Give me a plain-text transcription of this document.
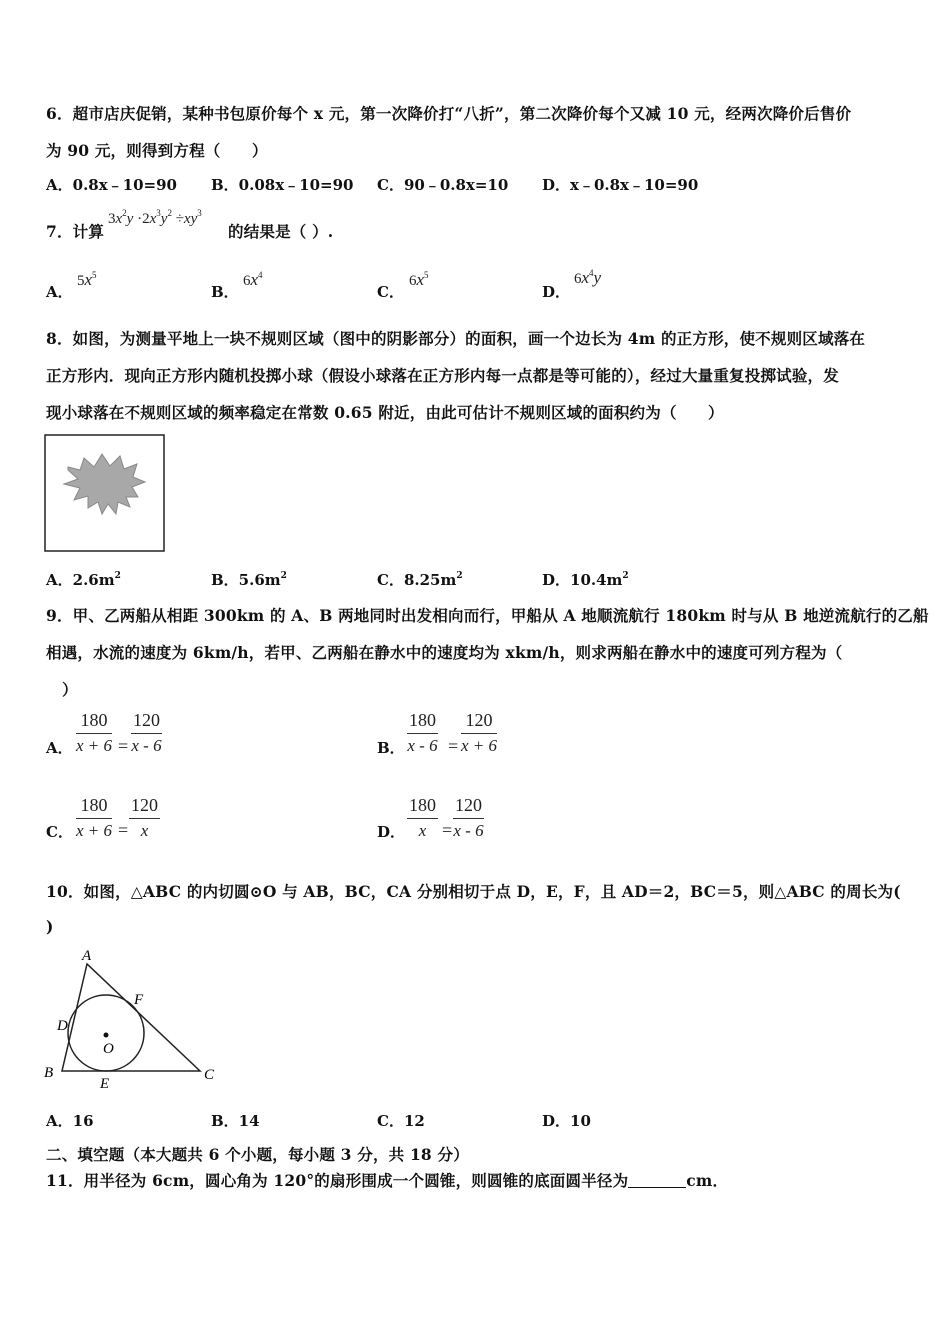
6．超市店庆促销，某种书包原价每个 x 元，第一次降价打“八折”，第二次降价每个又减 10 元，经两次降价后售价
为 90 元，则得到方程（　　）
A．0.8x﹣10=90 B．0.08x﹣10=90 C．90﹣0.8x=10 D．x﹣0.8x﹣10=90
7．计算
$3x^2y \cdot 2x^3y^2 \div xy^3$
的结果是（ ）.
A．
$5x^5$
B．
$6x^4$
C．
$6x^5$
D．
$6x^4y$
8．如图，为测量平地上一块不规则区域（图中的阴影部分）的面积，画一个边长为 4m 的正方形，使不规则区域落在
正方形内．现向正方形内随机投掷小球（假设小球落在正方形内每一点都是等可能的），经过大量重复投掷试验，发
现小球落在不规则区域的频率稳定在常数 0.65 附近，由此可估计不规则区域的面积约为（　　）
A．$2.6m^2$	B．$5.6m^2$	C．$8.25m^2$	D．$10.4m^2$
9．甲、乙两船从相距 300km 的 A、B 两地同时出发相向而行，甲船从 A 地顺流航行 180km 时与从 B 地逆流航行的乙船
相遇，水流的速度为 6km/h，若甲、乙两船在静水中的速度均为 xkm/h，则求两船在静水中的速度可列方程为（
）
A． $\frac{180}{x + 6} = \frac{120}{x - 6}$	B． $\frac{180}{x - 6} = \frac{120}{x + 6}$
C． $\frac{180}{x + 6} = \frac{120}{x}$	D． $\frac{180}{x} = \frac{120}{x - 6}$
10．如图，△ABC 的内切圆⊙O 与 AB，BC，CA 分别相切于点 D，E，F，且 AD＝2，BC＝5，则△ABC 的周长为(
)
A
B	C
D
E
F
O
A．16	B．14	C．12	D．10
二、填空题（本大题共 6 个小题，每小题 3 分，共 18 分）
11．用半径为 6cm，圆心角为 120°的扇形围成一个圆锥，则圆锥的底面圆半径为	cm．
